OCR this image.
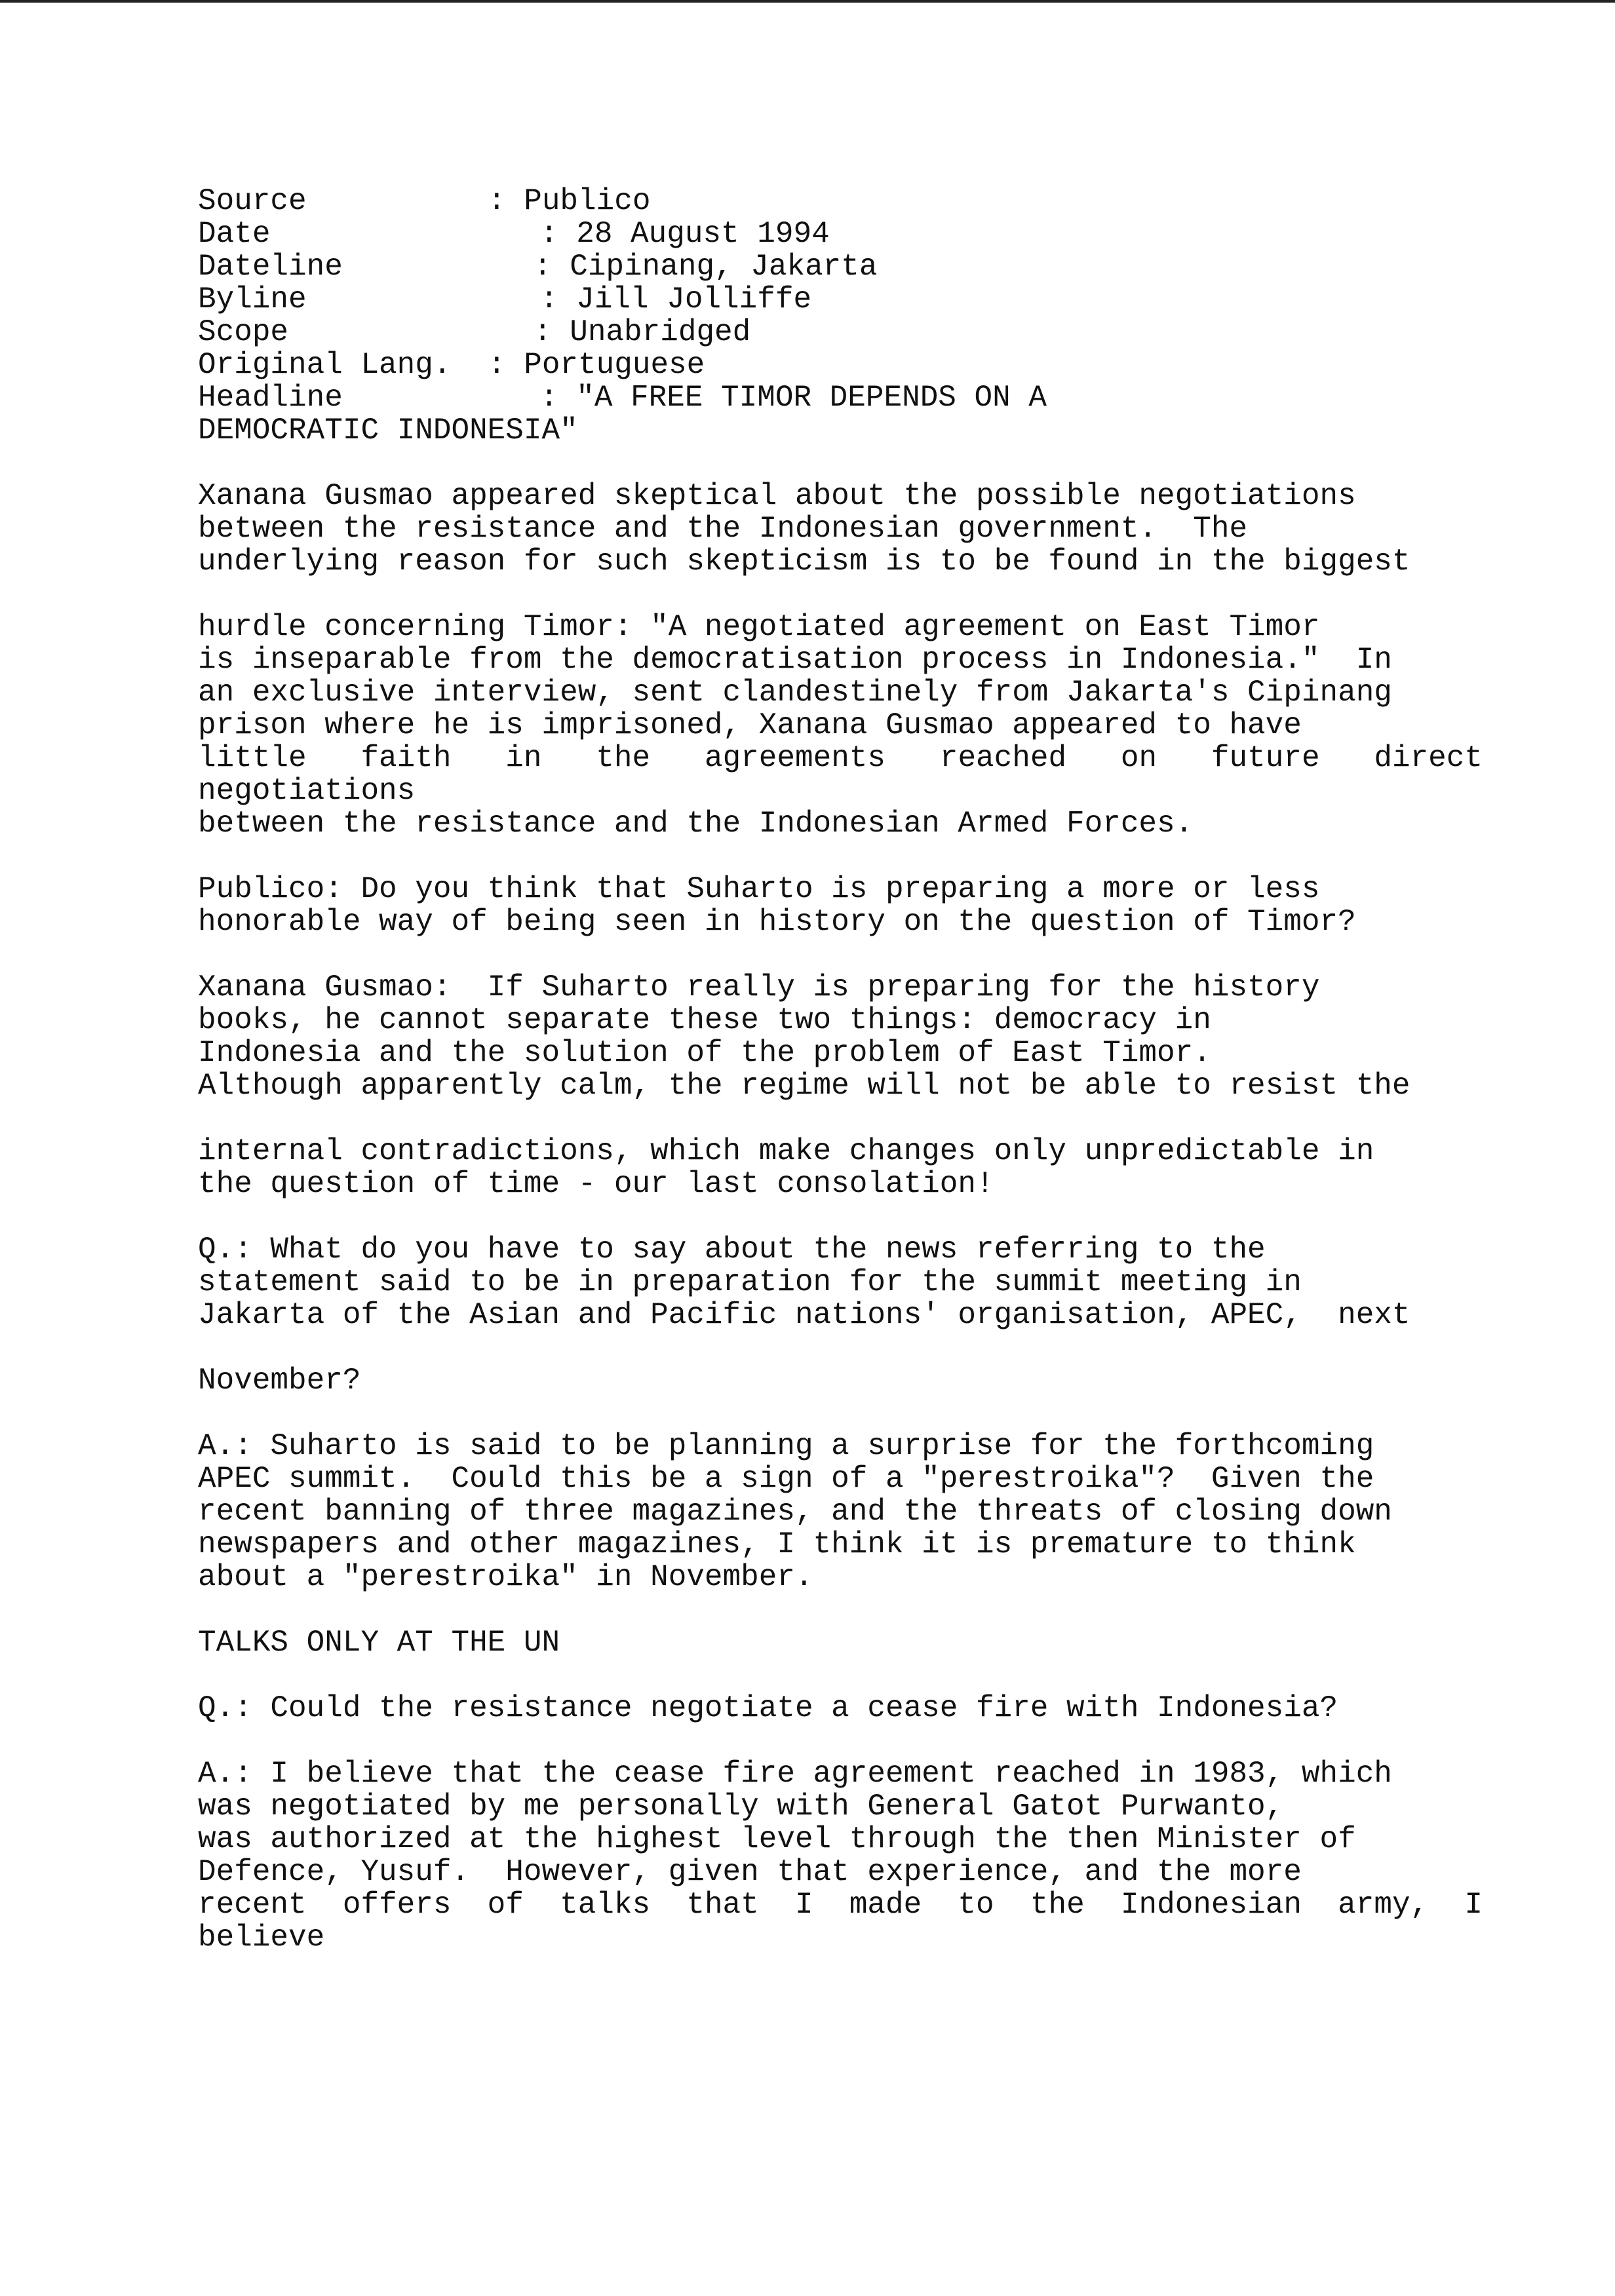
Source	: Publico
Date	: 28 August 1994
Dateline	: Cipinang, Jakarta
Byline	: Jill Jolliffe
Scope	: Unabridged
Original Lang. : Portuguese
Headline	: "A FREE TIMOR DEPENDS ON A
DEMOCRATIC INDONESIA"
Xanana Gusmao appeared skeptical about the possible negotiations
between the resistance and the Indonesian government.  The
underlying reason for such skepticism is to be found in the biggest
hurdle concerning Timor: "A negotiated agreement on East Timor
is inseparable from the democratisation process in Indonesia."  In
an exclusive interview, sent clandestinely from Jakarta's Cipinang
prison where he is imprisoned, Xanana Gusmao appeared to have
little faith in the agreements reached on future direct
negotiations
between the resistance and the Indonesian Armed Forces.
Publico: Do you think that Suharto is preparing a more or less
honorable way of being seen in history on the question of Timor?
Xanana Gusmao:  If Suharto really is preparing for the history
books, he cannot separate these two things: democracy in
Indonesia and the solution of the problem of East Timor.
Although apparently calm, the regime will not be able to resist the
internal contradictions, which make changes only unpredictable in
the question of time - our last consolation!
Q.: What do you have to say about the news referring to the
statement said to be in preparation for the summit meeting in
Jakarta of the Asian and Pacific nations' organisation, APEC,  next
November?
A.: Suharto is said to be planning a surprise for the forthcoming
APEC summit.  Could this be a sign of a "perestroika"?  Given the
recent banning of three magazines, and the threats of closing down
newspapers and other magazines, I think it is premature to think
about a "perestroika" in November.
TALKS ONLY AT THE UN
Q.: Could the resistance negotiate a cease fire with Indonesia?
A.: I believe that the cease fire agreement reached in 1983, which
was negotiated by me personally with General Gatot Purwanto,
was authorized at the highest level through the then Minister of
Defence, Yusuf.  However, given that experience, and the more
recent offers of talks that I made to the Indonesian army, I
believe
